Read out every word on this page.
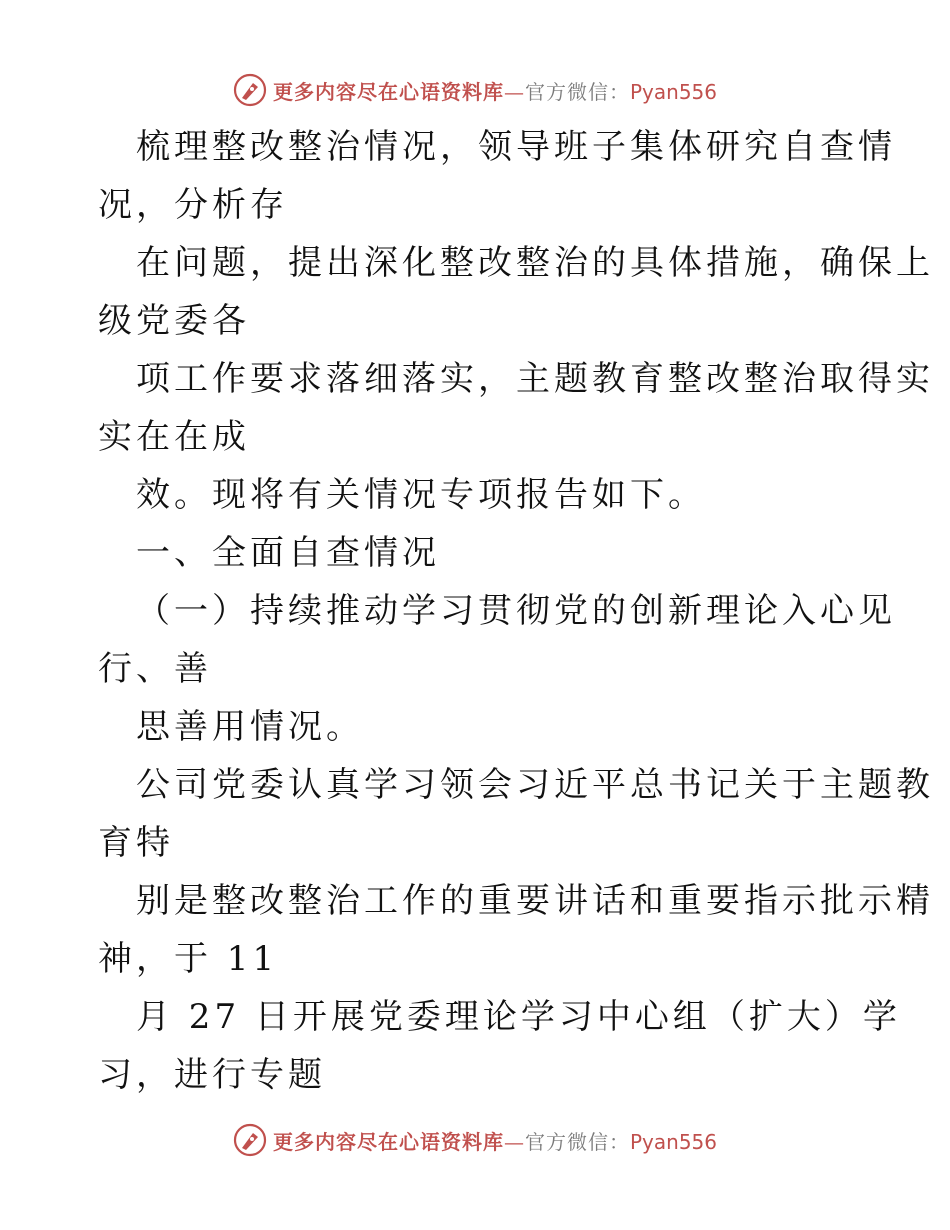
更多内容尽在心语资料库—官方微信：Pyan556

梳理整改整治情况，领导班子集体研究自查情

况，分析存

在问题，提出深化整改整治的具体措施，确保上

级党委各

项工作要求落细落实，主题教育整改整治取得实

实在在成

效。现将有关情况专项报告如下。

一、全面自查情况

（一）持续推动学习贯彻党的创新理论入心见

行、善

思善用情况。

公司党委认真学习领会习近平总书记关于主题教

育特

别是整改整治工作的重要讲话和重要指示批示精

神，于 11

月 27 日开展党委理论学习中心组（扩大）学

习，进行专题

更多内容尽在心语资料库—官方微信：Pyan556
